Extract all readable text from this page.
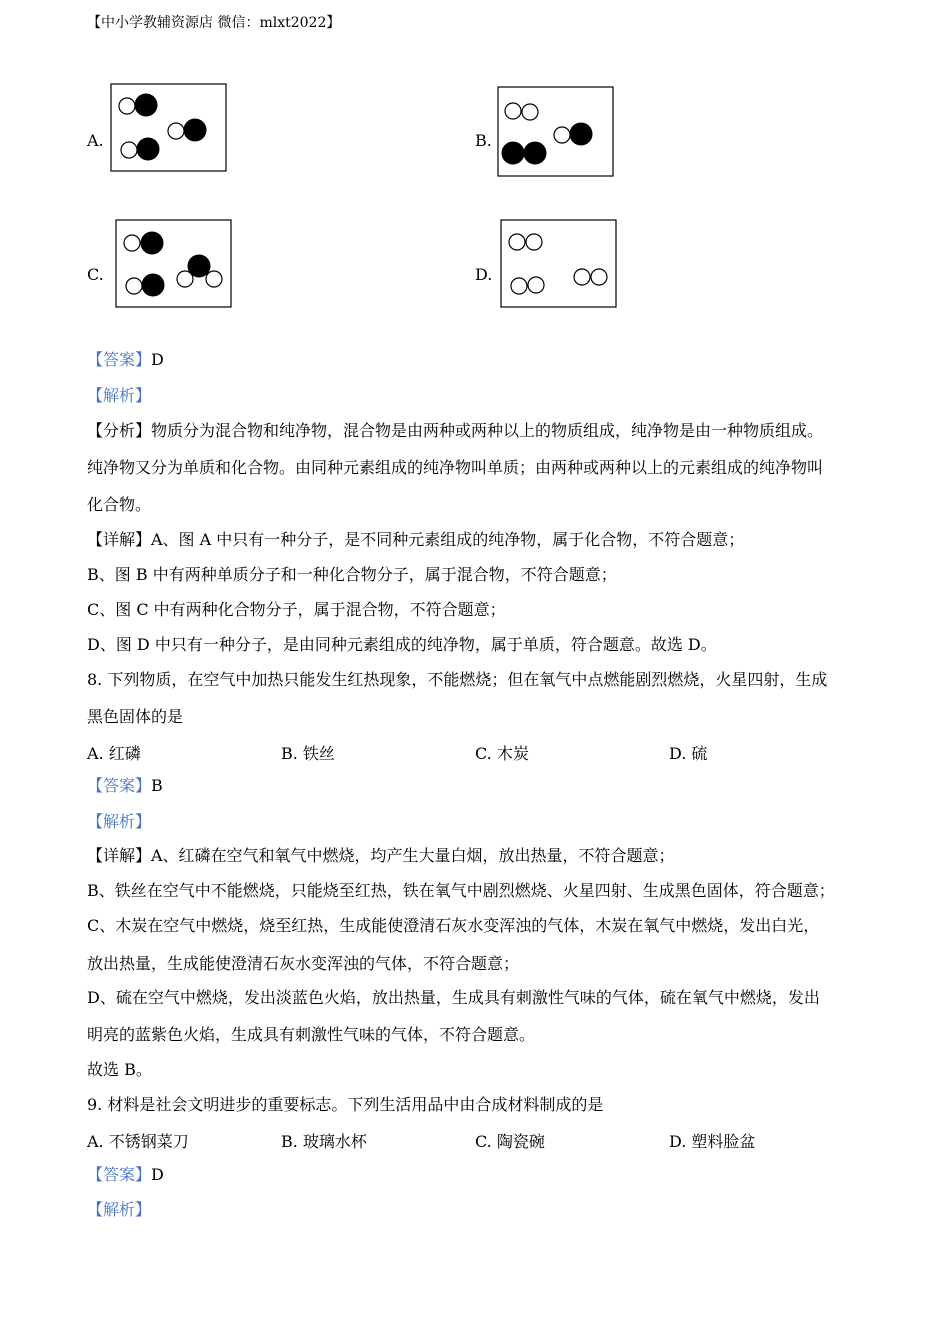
【中小学教辅资源店 微信：mlxt2022】
A.	B.
C.	D.
【答案】D
【解析】
【分析】物质分为混合物和纯净物，混合物是由两种或两种以上的物质组成，纯净物是由一种物质组成。
纯净物又分为单质和化合物。由同种元素组成的纯净物叫单质；由两种或两种以上的元素组成的纯净物叫
化合物。
【详解】A、图 A 中只有一种分子，是不同种元素组成的纯净物，属于化合物，不符合题意；
B、图 B 中有两种单质分子和一种化合物分子，属于混合物，不符合题意；
C、图 C 中有两种化合物分子，属于混合物，不符合题意；
D、图 D 中只有一种分子，是由同种元素组成的纯净物，属于单质，符合题意。故选 D。
8. 下列物质，在空气中加热只能发生红热现象，不能燃烧；但在氧气中点燃能剧烈燃烧，火星四射，生成
黑色固体的是
A. 红磷	B. 铁丝	C. 木炭	D. 硫
【答案】B
【解析】
【详解】A、红磷在空气和氧气中燃烧，均产生大量白烟，放出热量，不符合题意；
B、铁丝在空气中不能燃烧，只能烧至红热，铁在氧气中剧烈燃烧、火星四射、生成黑色固体，符合题意；
C、木炭在空气中燃烧，烧至红热，生成能使澄清石灰水变浑浊的气体，木炭在氧气中燃烧，发出白光，
放出热量，生成能使澄清石灰水变浑浊的气体，不符合题意；
D、硫在空气中燃烧，发出淡蓝色火焰，放出热量，生成具有刺激性气味的气体，硫在氧气中燃烧，发出
明亮的蓝紫色火焰，生成具有刺激性气味的气体，不符合题意。
故选 B。
9. 材料是社会文明进步的重要标志。下列生活用品中由合成材料制成的是
A. 不锈钢菜刀	B. 玻璃水杯	C. 陶瓷碗	D. 塑料脸盆
【答案】D
【解析】
